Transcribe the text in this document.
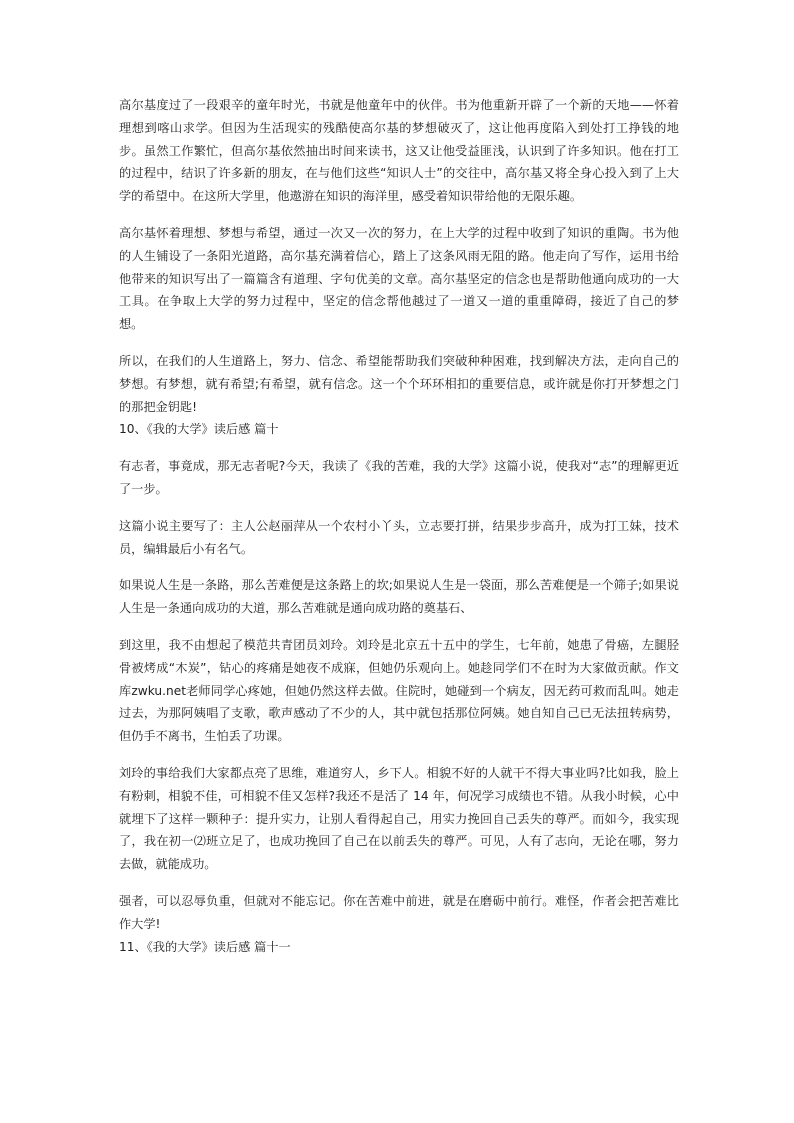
高尔基度过了一段艰辛的童年时光，书就是他童年中的伙伴。书为他重新开辟了一个新的天地——怀着理想到喀山求学。但因为生活现实的残酷使高尔基的梦想破灭了，这让他再度陷入到处打工挣钱的地步。虽然工作繁忙，但高尔基依然抽出时间来读书，这又让他受益匪浅，认识到了许多知识。他在打工的过程中，结识了许多新的朋友，在与他们这些“知识人士”的交往中，高尔基又将全身心投入到了上大学的希望中。在这所大学里，他遨游在知识的海洋里，感受着知识带给他的无限乐趣。

高尔基怀着理想、梦想与希望，通过一次又一次的努力，在上大学的过程中收到了知识的重陶。书为他的人生铺设了一条阳光道路，高尔基充满着信心，踏上了这条风雨无阻的路。他走向了写作，运用书给他带来的知识写出了一篇篇含有道理、字句优美的文章。高尔基坚定的信念也是帮助他通向成功的一大工具。在争取上大学的努力过程中，坚定的信念帮他越过了一道又一道的重重障碍，接近了自己的梦想。

所以，在我们的人生道路上，努力、信念、希望能帮助我们突破种种困难，找到解决方法，走向自己的梦想。有梦想，就有希望;有希望，就有信念。这一个个环环相扣的重要信息，或许就是你打开梦想之门的那把金钥匙!

10、《我的大学》读后感 篇十

有志者，事竟成，那无志者呢?今天，我读了《我的苦难，我的大学》这篇小说，使我对“志”的理解更近了一步。

这篇小说主要写了：主人公赵丽萍从一个农村小丫头，立志要打拼，结果步步高升，成为打工妹，技术员，编辑最后小有名气。

如果说人生是一条路，那么苦难便是这条路上的坎;如果说人生是一袋面，那么苦难便是一个筛子;如果说人生是一条通向成功的大道，那么苦难就是通向成功路的奠基石、

到这里，我不由想起了模范共青团员刘玲。刘玲是北京五十五中的学生，七年前，她患了骨癌，左腿胫骨被烤成“木炭”，钻心的疼痛是她夜不成寐，但她仍乐观向上。她趁同学们不在时为大家做贡献。作文库zwku.net老师同学心疼她，但她仍然这样去做。住院时，她碰到一个病友，因无药可救而乱叫。她走过去，为那阿姨唱了支歌，歌声感动了不少的人，其中就包括那位阿姨。她自知自己已无法扭转病势，但仍手不离书，生怕丢了功课。

刘玲的事给我们大家都点亮了思维，难道穷人，乡下人。相貌不好的人就干不得大事业吗?比如我，脸上有粉刺，相貌不佳，可相貌不佳又怎样?我还不是活了 14 年，何况学习成绩也不错。从我小时候，心中就埋下了这样一颗种子：提升实力，让别人看得起自己，用实力挽回自己丢失的尊严。而如今，我实现了，我在初一⑵班立足了，也成功挽回了自己在以前丢失的尊严。可见，人有了志向，无论在哪，努力去做，就能成功。

强者，可以忍辱负重，但就对不能忘记。你在苦难中前进，就是在磨砺中前行。难怪，作者会把苦难比作大学!

11、《我的大学》读后感 篇十一
